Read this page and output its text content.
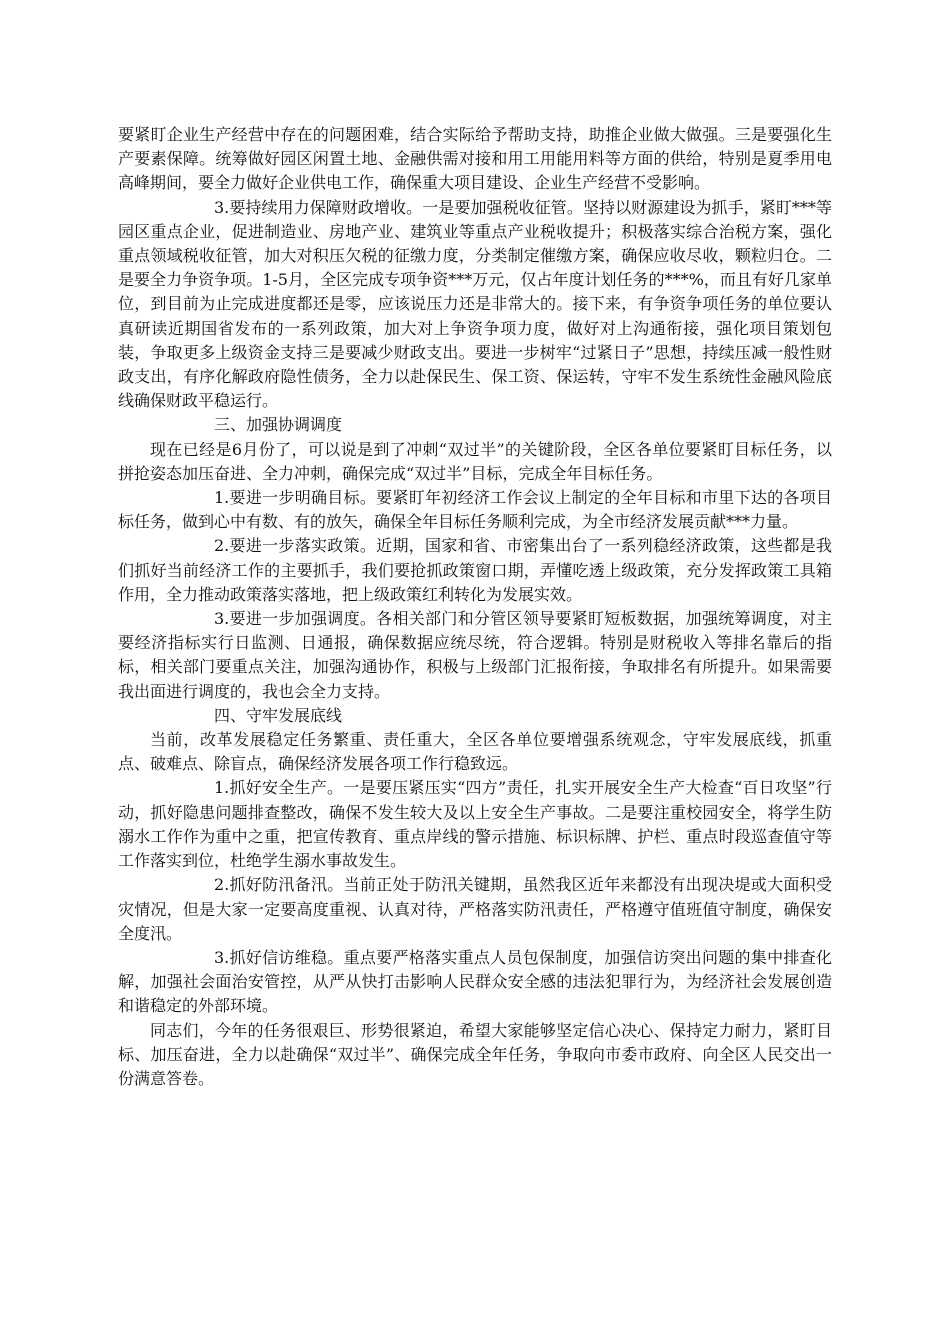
要紧盯企业生产经营中存在的问题困难，结合实际给予帮助支持，助推企业做大做强。三是要强化生产要素保障。统筹做好园区闲置土地、金融供需对接和用工用能用料等方面的供给，特别是夏季用电高峰期间，要全力做好企业供电工作，确保重大项目建设、企业生产经营不受影响。

3.要持续用力保障财政增收。一是要加强税收征管。坚持以财源建设为抓手，紧盯***等园区重点企业，促进制造业、房地产业、建筑业等重点产业税收提升；积极落实综合治税方案，强化重点领域税收征管，加大对积压欠税的征缴力度，分类制定催缴方案，确保应收尽收，颗粒归仓。二是要全力争资争项。1-5月，全区完成专项争资***万元，仅占年度计划任务的***%，而且有好几家单位，到目前为止完成进度都还是零，应该说压力还是非常大的。接下来，有争资争项任务的单位要认真研读近期国省发布的一系列政策，加大对上争资争项力度，做好对上沟通衔接，强化项目策划包装，争取更多上级资金支持三是要减少财政支出。要进一步树牢“过紧日子”思想，持续压减一般性财政支出，有序化解政府隐性债务，全力以赴保民生、保工资、保运转，守牢不发生系统性金融风险底线确保财政平稳运行。

三、加强协调调度

现在已经是6月份了，可以说是到了冲刺“双过半”的关键阶段，全区各单位要紧盯目标任务，以拼抢姿态加压奋进、全力冲刺，确保完成“双过半”目标，完成全年目标任务。

1.要进一步明确目标。要紧盯年初经济工作会议上制定的全年目标和市里下达的各项目标任务，做到心中有数、有的放矢，确保全年目标任务顺利完成，为全市经济发展贡献***力量。

2.要进一步落实政策。近期，国家和省、市密集出台了一系列稳经济政策，这些都是我们抓好当前经济工作的主要抓手，我们要抢抓政策窗口期，弄懂吃透上级政策，充分发挥政策工具箱作用，全力推动政策落实落地，把上级政策红利转化为发展实效。

3.要进一步加强调度。各相关部门和分管区领导要紧盯短板数据，加强统筹调度，对主要经济指标实行日监测、日通报，确保数据应统尽统，符合逻辑。特别是财税收入等排名靠后的指标，相关部门要重点关注，加强沟通协作，积极与上级部门汇报衔接，争取排名有所提升。如果需要我出面进行调度的，我也会全力支持。

四、守牢发展底线

当前，改革发展稳定任务繁重、责任重大，全区各单位要增强系统观念，守牢发展底线，抓重点、破难点、除盲点，确保经济发展各项工作行稳致远。

1.抓好安全生产。一是要压紧压实“四方”责任，扎实开展安全生产大检查“百日攻坚”行动，抓好隐患问题排查整改，确保不发生较大及以上安全生产事故。二是要注重校园安全，将学生防溺水工作作为重中之重，把宣传教育、重点岸线的警示措施、标识标牌、护栏、重点时段巡查值守等工作落实到位，杜绝学生溺水事故发生。

2.抓好防汛备汛。当前正处于防汛关键期，虽然我区近年来都没有出现决堤或大面积受灾情况，但是大家一定要高度重视、认真对待，严格落实防汛责任，严格遵守值班值守制度，确保安全度汛。

3.抓好信访维稳。重点要严格落实重点人员包保制度，加强信访突出问题的集中排查化解，加强社会面治安管控，从严从快打击影响人民群众安全感的违法犯罪行为，为经济社会发展创造和谐稳定的外部环境。

同志们，今年的任务很艰巨、形势很紧迫，希望大家能够坚定信心决心、保持定力耐力，紧盯目标、加压奋进，全力以赴确保“双过半”、确保完成全年任务，争取向市委市政府、向全区人民交出一份满意答卷。
